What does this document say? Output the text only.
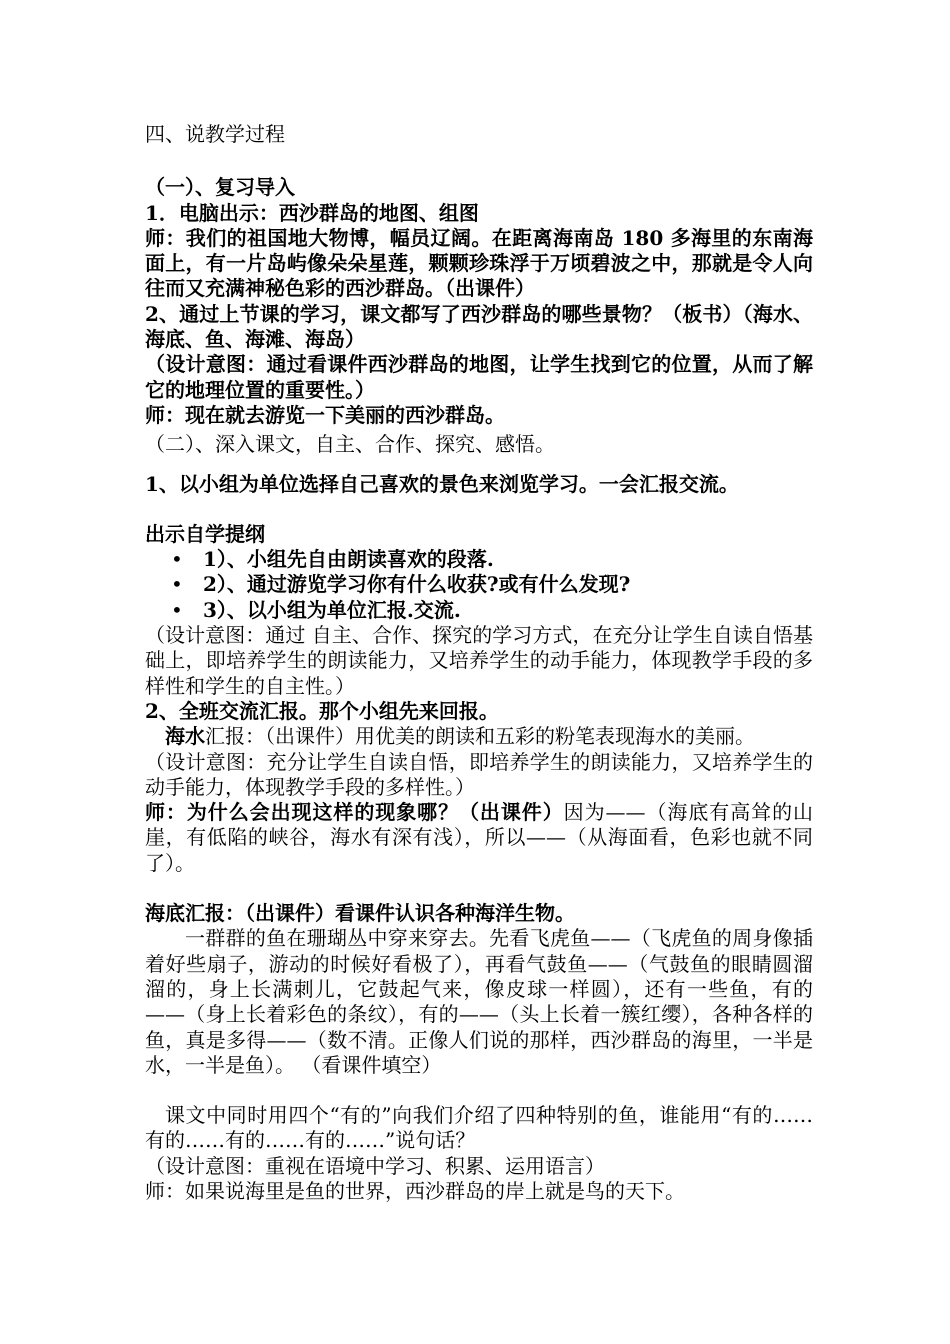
四、说教学过程

（一）、复习导入

1．电脑出示：西沙群岛的地图、组图

师：我们的祖国地大物博，幅员辽阔。在距离海南岛 180 多海里的东南海面上，有一片岛屿像朵朵星莲，颗颗珍珠浮于万顷碧波之中，那就是令人向往而又充满神秘色彩的西沙群岛。（出课件）

2、通过上节课的学习，课文都写了西沙群岛的哪些景物？（板书）（海水、海底、鱼、海滩、海岛）

（设计意图：通过看课件西沙群岛的地图，让学生找到它的位置，从而了解它的地理位置的重要性。）

师：现在就去游览一下美丽的西沙群岛。

（二）、深入课文，自主、合作、探究、感悟。

1、以小组为单位选择自己喜欢的景色来浏览学习。一会汇报交流。

出示自学提纲

• 1）、小组先自由朗读喜欢的段落.
• 2）、通过游览学习你有什么收获?或有什么发现?
• 3）、以小组为单位汇报.交流.

（设计意图：通过 自主、合作、探究的学习方式，在充分让学生自读自悟基础上，即培养学生的朗读能力，又培养学生的动手能力，体现教学手段的多样性和学生的自主性。）

2、全班交流汇报。那个小组先来回报。

海水汇报：（出课件）用优美的朗读和五彩的粉笔表现海水的美丽。

（设计意图：充分让学生自读自悟，即培养学生的朗读能力，又培养学生的动手能力，体现教学手段的多样性。）

师：为什么会出现这样的现象哪？（出课件）因为——（海底有高耸的山崖，有低陷的峡谷，海水有深有浅），所以——（从海面看，色彩也就不同了）。

海底汇报：（出课件）看课件认识各种海洋生物。

一群群的鱼在珊瑚丛中穿来穿去。先看飞虎鱼——（飞虎鱼的周身像插着好些扇子，游动的时候好看极了），再看气鼓鱼——（气鼓鱼的眼睛圆溜溜的，身上长满刺儿，它鼓起气来，像皮球一样圆），还有一些鱼，有的——（身上长着彩色的条纹），有的——（头上长着一簇红缨），各种各样的鱼，真是多得——（数不清。正像人们说的那样，西沙群岛的海里，一半是水，一半是鱼）。 （看课件填空）

课文中同时用四个“有的”向我们介绍了四种特别的鱼，谁能用“有的……有的……有的……有的……”说句话？

（设计意图：重视在语境中学习、积累、运用语言）

师：如果说海里是鱼的世界，西沙群岛的岸上就是鸟的天下。
